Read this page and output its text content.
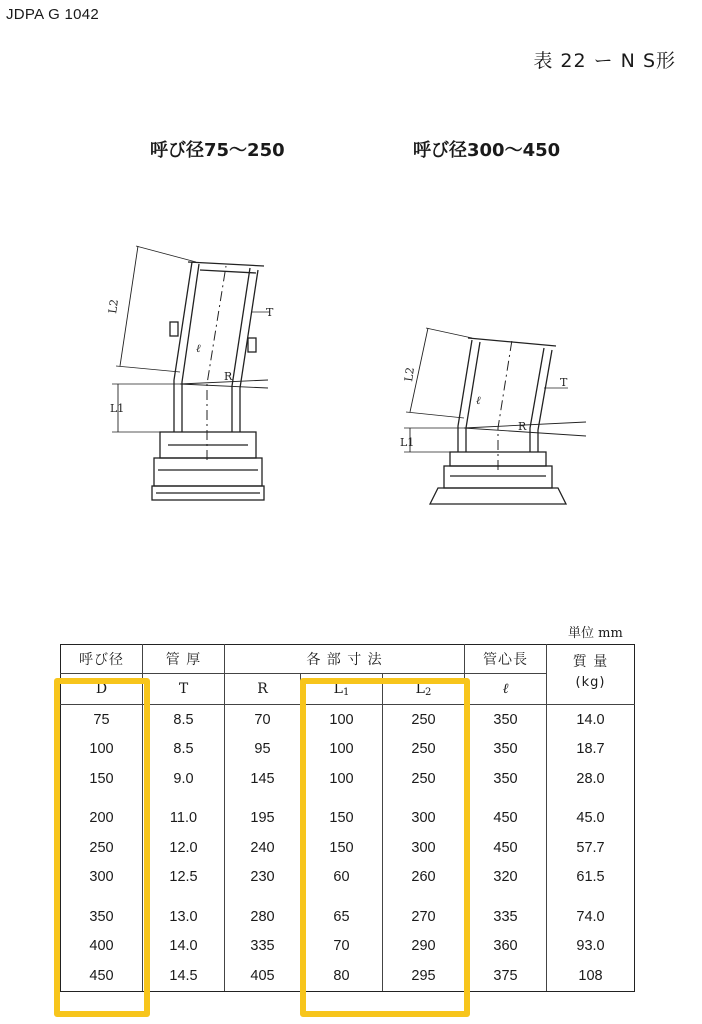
JDPA G 1042
表 22 ー N S形
呼び径75〜250	呼び径300〜450
L2
L1
T
R
ℓ
L2
L1
T
R
ℓ
単位 mm
呼び径	管 厚	各 部 寸 法			管心長	質 量
(kg)

D	T	R	$L_1$	$L_2$	ℓ	
75	8.5	70	100	250	350	14.0
100	8.5	95	100	250	350	18.7
150	9.0	145	100	250	350	28.0
200	11.0	195	150	300	450	45.0
250	12.0	240	150	300	450	57.7
300	12.5	230	60	260	320	61.5
350	13.0	280	65	270	335	74.0
400	14.0	335	70	290	360	93.0
450	14.5	405	80	295	375	108
